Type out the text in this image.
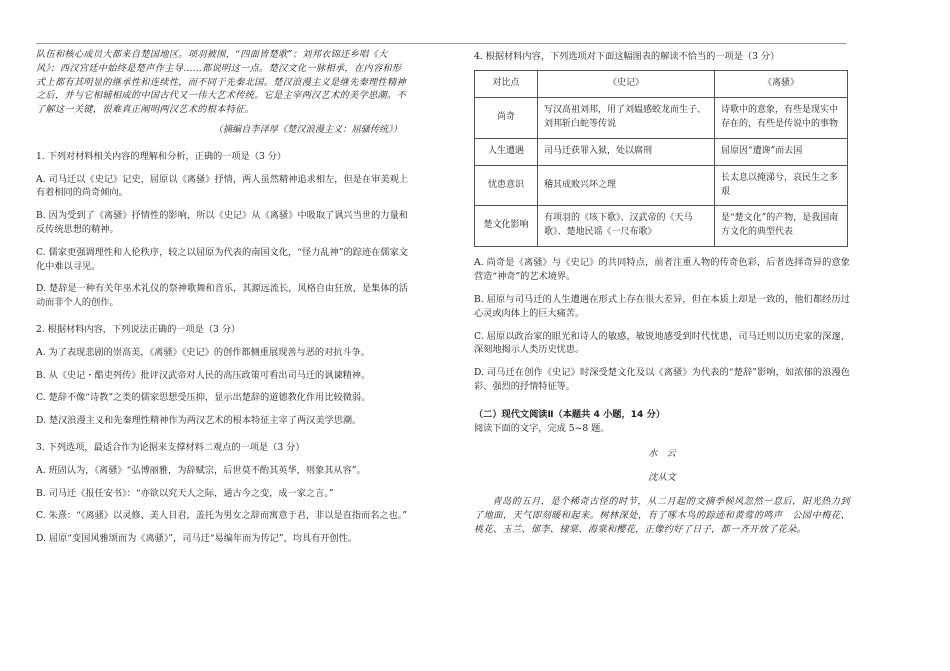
队伍和核心成员大都来自楚国地区。项羽被围，“四面皆楚歌”；刘邦衣锦还乡唱《大
风》；西汉宫廷中始终是楚声作主导……都说明这一点。楚汉文化一脉相承，在内容和形
式上都有其明显的继承性和连续性，而不同于先秦北国。楚汉浪漫主义是继先秦理性精神
之后，并与它相辅相成的中国古代又一伟大艺术传统。它是主宰两汉艺术的美学思潮。不
了解这一关键，很难真正阐明两汉艺术的根本特征。

（摘编自李泽厚《楚汉浪漫主义：屈骚传统》）

1. 下列对材料相关内容的理解和分析，正确的一项是（3 分）

A. 司马迁以《史记》记史，屈原以《离骚》抒情，两人虽然精神追求相左，但是在审美观上有着相同的尚奇倾向。

B. 因为受到了《离骚》抒情性的影响，所以《史记》从《离骚》中吸取了讽兴当世的力量和反传统思想的精神。

C. 儒家更强调理性和人伦秩序，较之以屈原为代表的南国文化，“怪力乱神”的踪迹在儒家文化中难以寻见。

D. 楚辞是一种有关年巫术礼仪的祭神歌舞和音乐，其源远流长，风格自由狂放，是集体的活动而非个人的创作。

2. 根据材料内容，下列说法正确的一项是（3 分）

A. 为了表现悲剧的崇高美，《离骚》《史记》的创作都侧重展现善与恶的对抗斗争。

B. 从《史记・酷吏列传》批评汉武帝对人民的高压政策可看出司马迁的讽谏精神。

C. 楚辞不像“诗教”之类的儒家思想受压抑，显示出楚辞的道德教化作用比较微弱。

D. 楚汉浪漫主义和先秦理性精神作为两汉艺术的根本特征主宰了两汉美学思潮。

3. 下列选项，最适合作为论据来支撑材料二观点的一项是（3 分）

A. 班固认为，《离骚》“弘博丽雅，为辞赋宗，后世莫不酌其英华，则象其从容”。

B. 司马迁《报任安书》：“亦欲以究天人之际，通古今之变，成一家之言。”

C. 朱熹：“《离骚》以灵修、美人目君，盖托为男女之辞而寓意于君，非以是直指而名之也。”

D. 屈原“变国风雅颂而为《离骚》”，司马迁“易编年而为传记”，均具有开创性。

4. 根据材料内容，下列选项对下面这幅图表的解读不恰当的一项是（3 分）

对比点	《史记》	《离骚》
尚奇	写汉高祖刘邦，用了刘媪感蛟龙而生子、刘邦斩白蛇等传说	诗歌中的意象，有些是现实中存在的，有些是传说中的事物
人生遭遇	司马迁获罪入狱，处以腐刑	屈原因“遭谗”而去国
忧患意识	稽其成败兴坏之理	长太息以掩涕兮，哀民生之多艰
楚文化影响	有项羽的《垓下歌》、汉武帝的《天马歌》、楚地民谣《一尺布歌》	是“楚文化”的产物，是我国南方文化的典型代表

A. 尚奇是《离骚》与《史记》的共同特点，前者注重人物的传奇色彩，后者选择奇异的意象营造“神奇”的艺术境界。

B. 屈原与司马迁的人生遭遇在形式上存在很大差异，但在本质上却是一致的，他们都经历过心灵或肉体上的巨大痛苦。

C. 屈原以政治家的眼光和诗人的敏感，敏锐地感受到时代忧患，司马迁则以历史家的深邃，深刻地揭示人类历史忧患。

D. 司马迁在创作《史记》时深受楚文化及以《离骚》为代表的“楚辞”影响，如浓郁的浪漫色彩、强烈的抒情特征等。

（二）现代文阅读Ⅱ（本题共 4 小题，14 分）

阅读下面的文字，完成 5~8 题。

水　云

沈从文

青岛的五月，是个稀奇古怪的时节，从二月起的文摘季候风忽然一息后，阳光热力到了地面，天气即刻暖和起来。树林深处，有了啄木鸟的踪迹和黄莺的鸣声　公园中梅花、桃花、玉兰、郁李、棣棠、海棠和樱花，正像约好了日子，都一齐开放了花朵。
